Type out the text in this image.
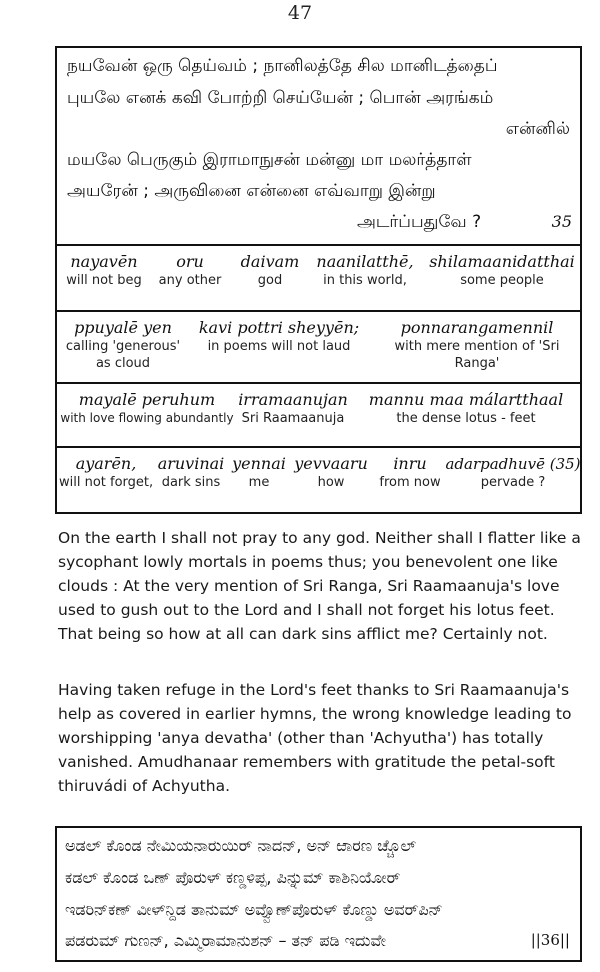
47
நயவேன் ஒரு தெய்வம் ; நானிலத்தே சில மானிடத்தைப்
புயலே எனக் கவி போற்றி செய்யேன் ; பொன் அரங்கம்
என்னில்
மயலே பெருகும் இராமாநுசன் மன்னு மா மலர்த்தாள்
அயரேன் ; அருவினை என்னை எவ்வாறு இன்று
அடர்ப்பதுவே ?	35
nayavēn
will not beg
oru
any other
daivam
god
naanilatthē,
in this world,
shilamaanidatthai
some people
ppuyalē yen
calling 'generous' as cloud
kavi pottri sheyyēn;
in poems will not laud
ponnarangamennil
with mere mention of 'Sri Ranga'
mayalē peruhum
with love flowing abundantly
irramaanujan
Sri Raamaanuja
mannu maa málartthaal
the dense lotus - feet
ayarēn,
will not forget,
aruvinai
dark sins
yennai
me
yevvaaru
how
inru
from now
adarpadhuvē (35)
pervade ?

On the earth I shall not pray to any god. Neither shall I flatter like a sycophant lowly mortals in poems thus; you benevolent one like clouds : At the very mention of Sri Ranga, Sri Raamaanuja's love used to gush out to the Lord and I shall not forget his lotus feet. That being so how at all can dark sins afflict me? Certainly not.

Having taken refuge in the Lord's feet thanks to Sri Raamaanuja's help as covered in earlier hymns, the wrong knowledge leading to worshipping 'anya devatha' (other than 'Achyutha') has totally vanished. Amudhanaar remembers with gratitude the petal-soft thiruvádi of Achyutha.

ಅಡಲ್ ಕೊಂಡ ನೇಮಿಯನಾರುಯಿರ್ ನಾದನ್, ಅನ್ ಱಾರಣ ಚ್ಚೊಲ್
ಕಡಲ್ ಕೊಂಡ ಒಣ್ ಪೊರುಳ್ ಕಣ್ಡಳಿಪ್ಪ, ಪಿನ್ನುಮ್ ಕಾಶಿನಿಯೋರ್
ಇಡರಿನ್‌ಕಣ್ ವೀಳ್‌ನ್ದಿಡ ತಾನುಮ್ ಅವ್ವೊಣ್‌ಪೊರುಳ್ ಕೊಣ್ಡು ಅವರ್‌ಪಿನ್
ಪಡರುಮ್ ಗುಣನ್, ಎಮ್ಮಿರಾಮಾನುಶನ್ – ತನ್ ಪಡಿ ಇದುವೇ	||36||
